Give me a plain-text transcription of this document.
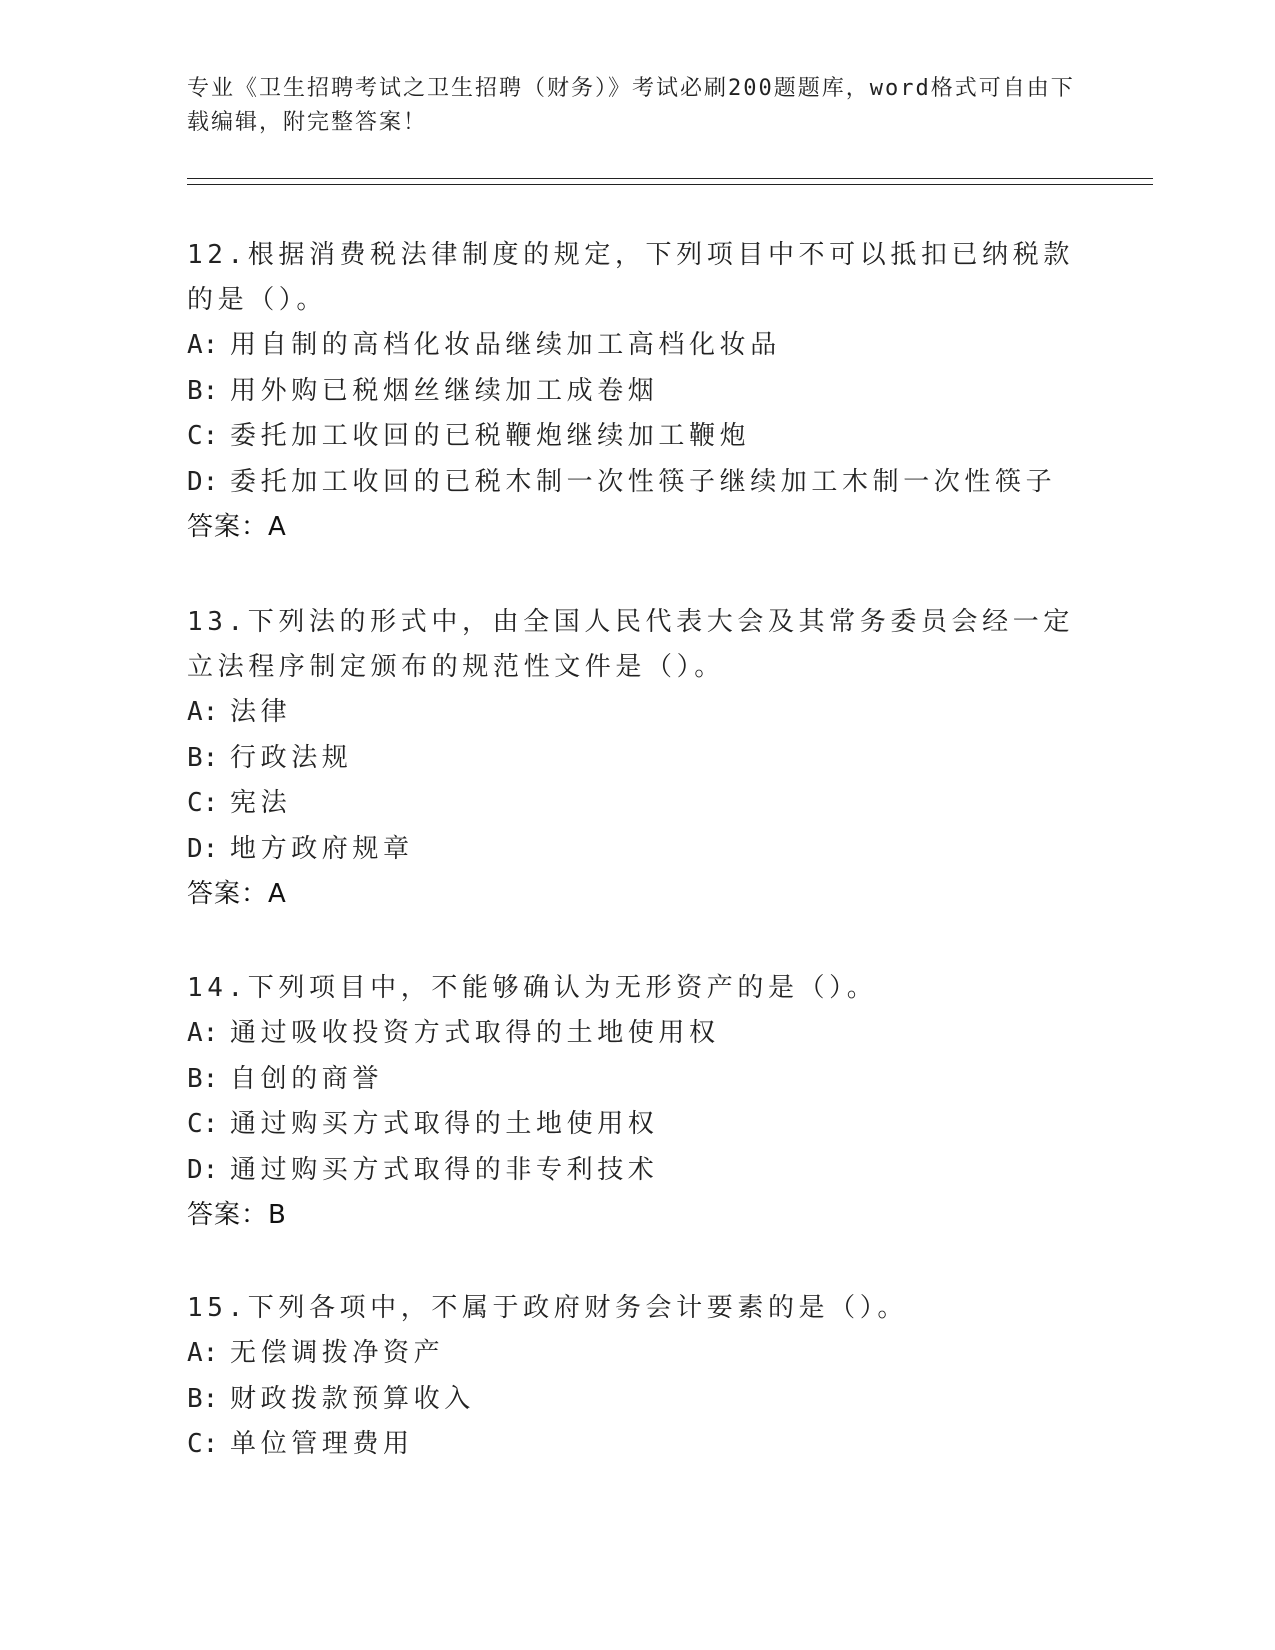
专业《卫生招聘考试之卫生招聘（财务）》考试必刷200题题库，word格式可自由下载编辑，附完整答案！

12.根据消费税法律制度的规定，下列项目中不可以抵扣已纳税款的是（）。

A: 用自制的高档化妆品继续加工高档化妆品

B: 用外购已税烟丝继续加工成卷烟

C: 委托加工收回的已税鞭炮继续加工鞭炮

D: 委托加工收回的已税木制一次性筷子继续加工木制一次性筷子

答案：A

13.下列法的形式中，由全国人民代表大会及其常务委员会经一定立法程序制定颁布的规范性文件是（）。

A: 法律

B: 行政法规

C: 宪法

D: 地方政府规章

答案：A

14.下列项目中，不能够确认为无形资产的是（）。

A: 通过吸收投资方式取得的土地使用权

B: 自创的商誉

C: 通过购买方式取得的土地使用权

D: 通过购买方式取得的非专利技术

答案：B

15.下列各项中，不属于政府财务会计要素的是（）。

A: 无偿调拨净资产

B: 财政拨款预算收入

C: 单位管理费用
